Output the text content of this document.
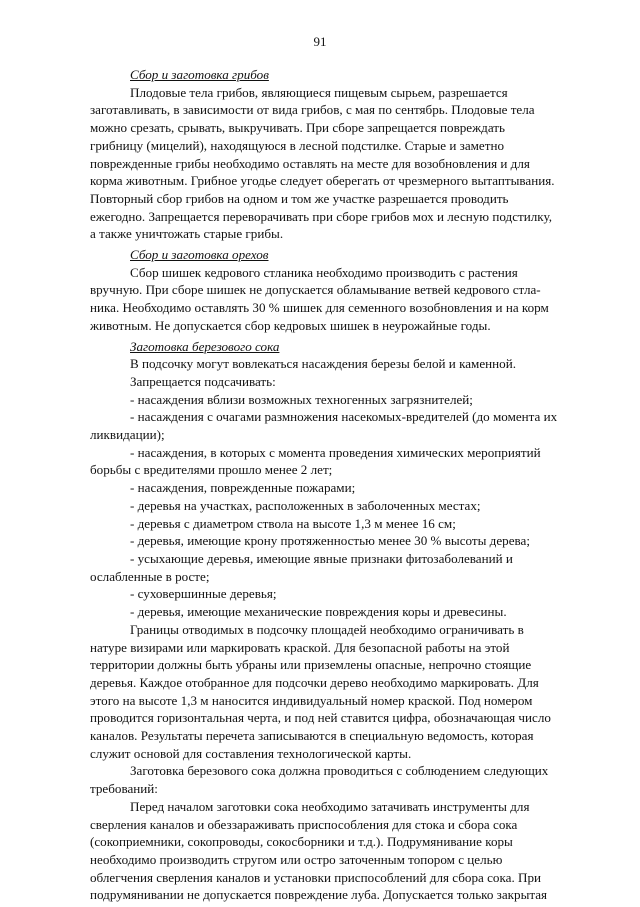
91

Сбор и заготовка грибов

Плодовые тела грибов, являющиеся пищевым сырьем, разрешается
заготавливать, в зависимости от вида грибов, с мая по сентябрь. Плодовые тела
можно срезать, срывать, выкручивать. При сборе запрещается повреждать
грибницу (мицелий), находящуюся в лесной подстилке. Старые и заметно
поврежденные грибы необходимо оставлять на месте для возобновления и для
корма животным. Грибное угодье следует оберегать от чрезмерного вытаптывания.
Повторный сбор грибов на одном и том же участке разрешается проводить
ежегодно. Запрещается переворачивать при сборе грибов мох и лесную подстилку,
а также уничтожать старые грибы.

Сбор и заготовка орехов

Сбор шишек кедрового стланика необходимо производить с растения
вручную. При сборе шишек не допускается обламывание ветвей кедрового стла-
ника. Необходимо оставлять 30 % шишек для семенного возобновления и на корм
животным. Не допускается сбор кедровых шишек в неурожайные годы.

Заготовка березового сока

В подсочку могут вовлекаться насаждения березы белой и каменной.
Запрещается подсачивать:
- насаждения вблизи возможных техногенных загрязнителей;
- насаждения с очагами размножения насекомых-вредителей (до момента их
ликвидации);
- насаждения, в которых с момента проведения химических мероприятий
борьбы с вредителями прошло менее 2 лет;
- насаждения, поврежденные пожарами;
- деревья на участках, расположенных в заболоченных местах;
- деревья с диаметром ствола на высоте 1,3 м менее 16 см;
- деревья, имеющие крону протяженностью менее 30 % высоты дерева;
- усыхающие деревья, имеющие явные признаки фитозаболеваний и
ослабленные в росте;
- суховершинные деревья;
- деревья, имеющие механические повреждения коры и древесины.
Границы отводимых в подсочку площадей необходимо ограничивать в
натуре визирами или маркировать краской. Для безопасной работы на этой
территории должны быть убраны или приземлены опасные, непрочно стоящие
деревья. Каждое отобранное для подсочки дерево необходимо маркировать. Для
этого на высоте 1,3 м наносится индивидуальный номер краской. Под номером
проводится горизонтальная черта, и под ней ставится цифра, обозначающая число
каналов. Результаты перечета записываются в специальную ведомость, которая
служит основой для составления технологической карты.
Заготовка березового сока должна проводиться с соблюдением следующих
требований:
Перед началом заготовки сока необходимо затачивать инструменты для
сверления каналов и обеззараживать приспособления для стока и сбора сока
(сокоприемники, сокопроводы, сокосборники и т.д.). Подрумянивание коры
необходимо производить стругом или остро заточенным топором с целью
облегчения сверления каналов и установки приспособлений для сбора сока. При
подрумянивании не допускается повреждение луба. Допускается только закрытая
